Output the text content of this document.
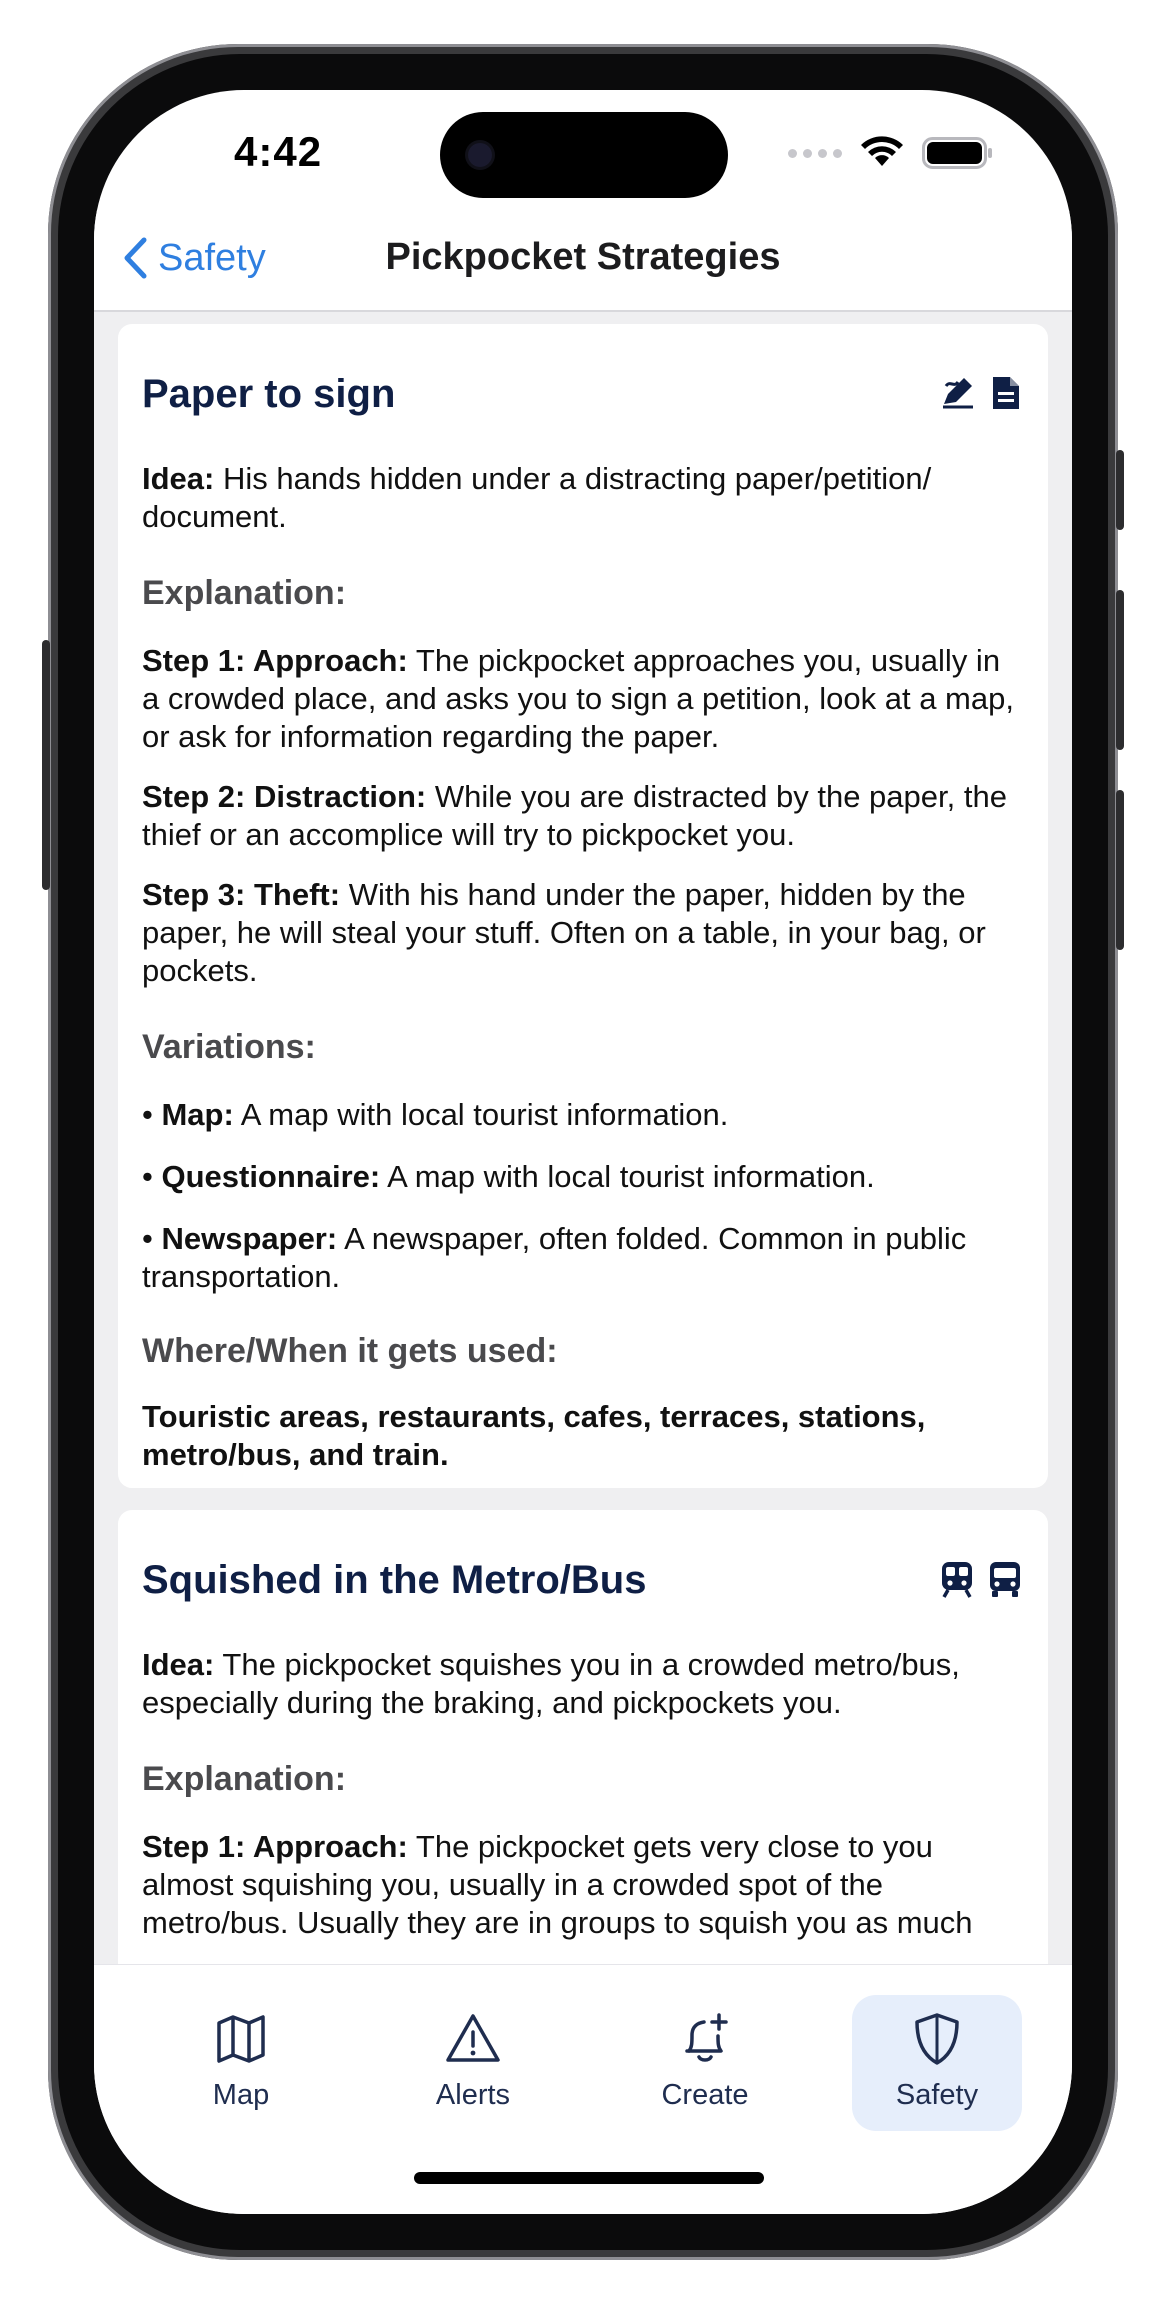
4:42
Safety	Pickpocket Strategies
Paper to sign
Idea: His hands hidden under a distracting paper/petition/ document.
Explanation:
Step 1: Approach: The pickpocket approaches you, usually in a crowded place, and asks you to sign a petition, look at a map, or ask for information regarding the paper.
Step 2: Distraction: While you are distracted by the paper, the thief or an accomplice will try to pickpocket you.
Step 3: Theft: With his hand under the paper, hidden by the paper, he will steal your stuff. Often on a table, in your bag, or pockets.
Variations:
• Map: A map with local tourist information.
• Questionnaire: A map with local tourist information.
• Newspaper: A newspaper, often folded. Common in public transportation.
Where/When it gets used:
Touristic areas, restaurants, cafes, terraces, stations, metro/bus, and train.
Squished in the Metro/Bus
Idea: The pickpocket squishes you in a crowded metro/bus, especially during the braking, and pickpockets you.
Explanation:
Step 1: Approach: The pickpocket gets very close to you almost squishing you, usually in a crowded spot of the metro/bus. Usually they are in groups to squish you as much
Map	Alerts	Create	Safety
